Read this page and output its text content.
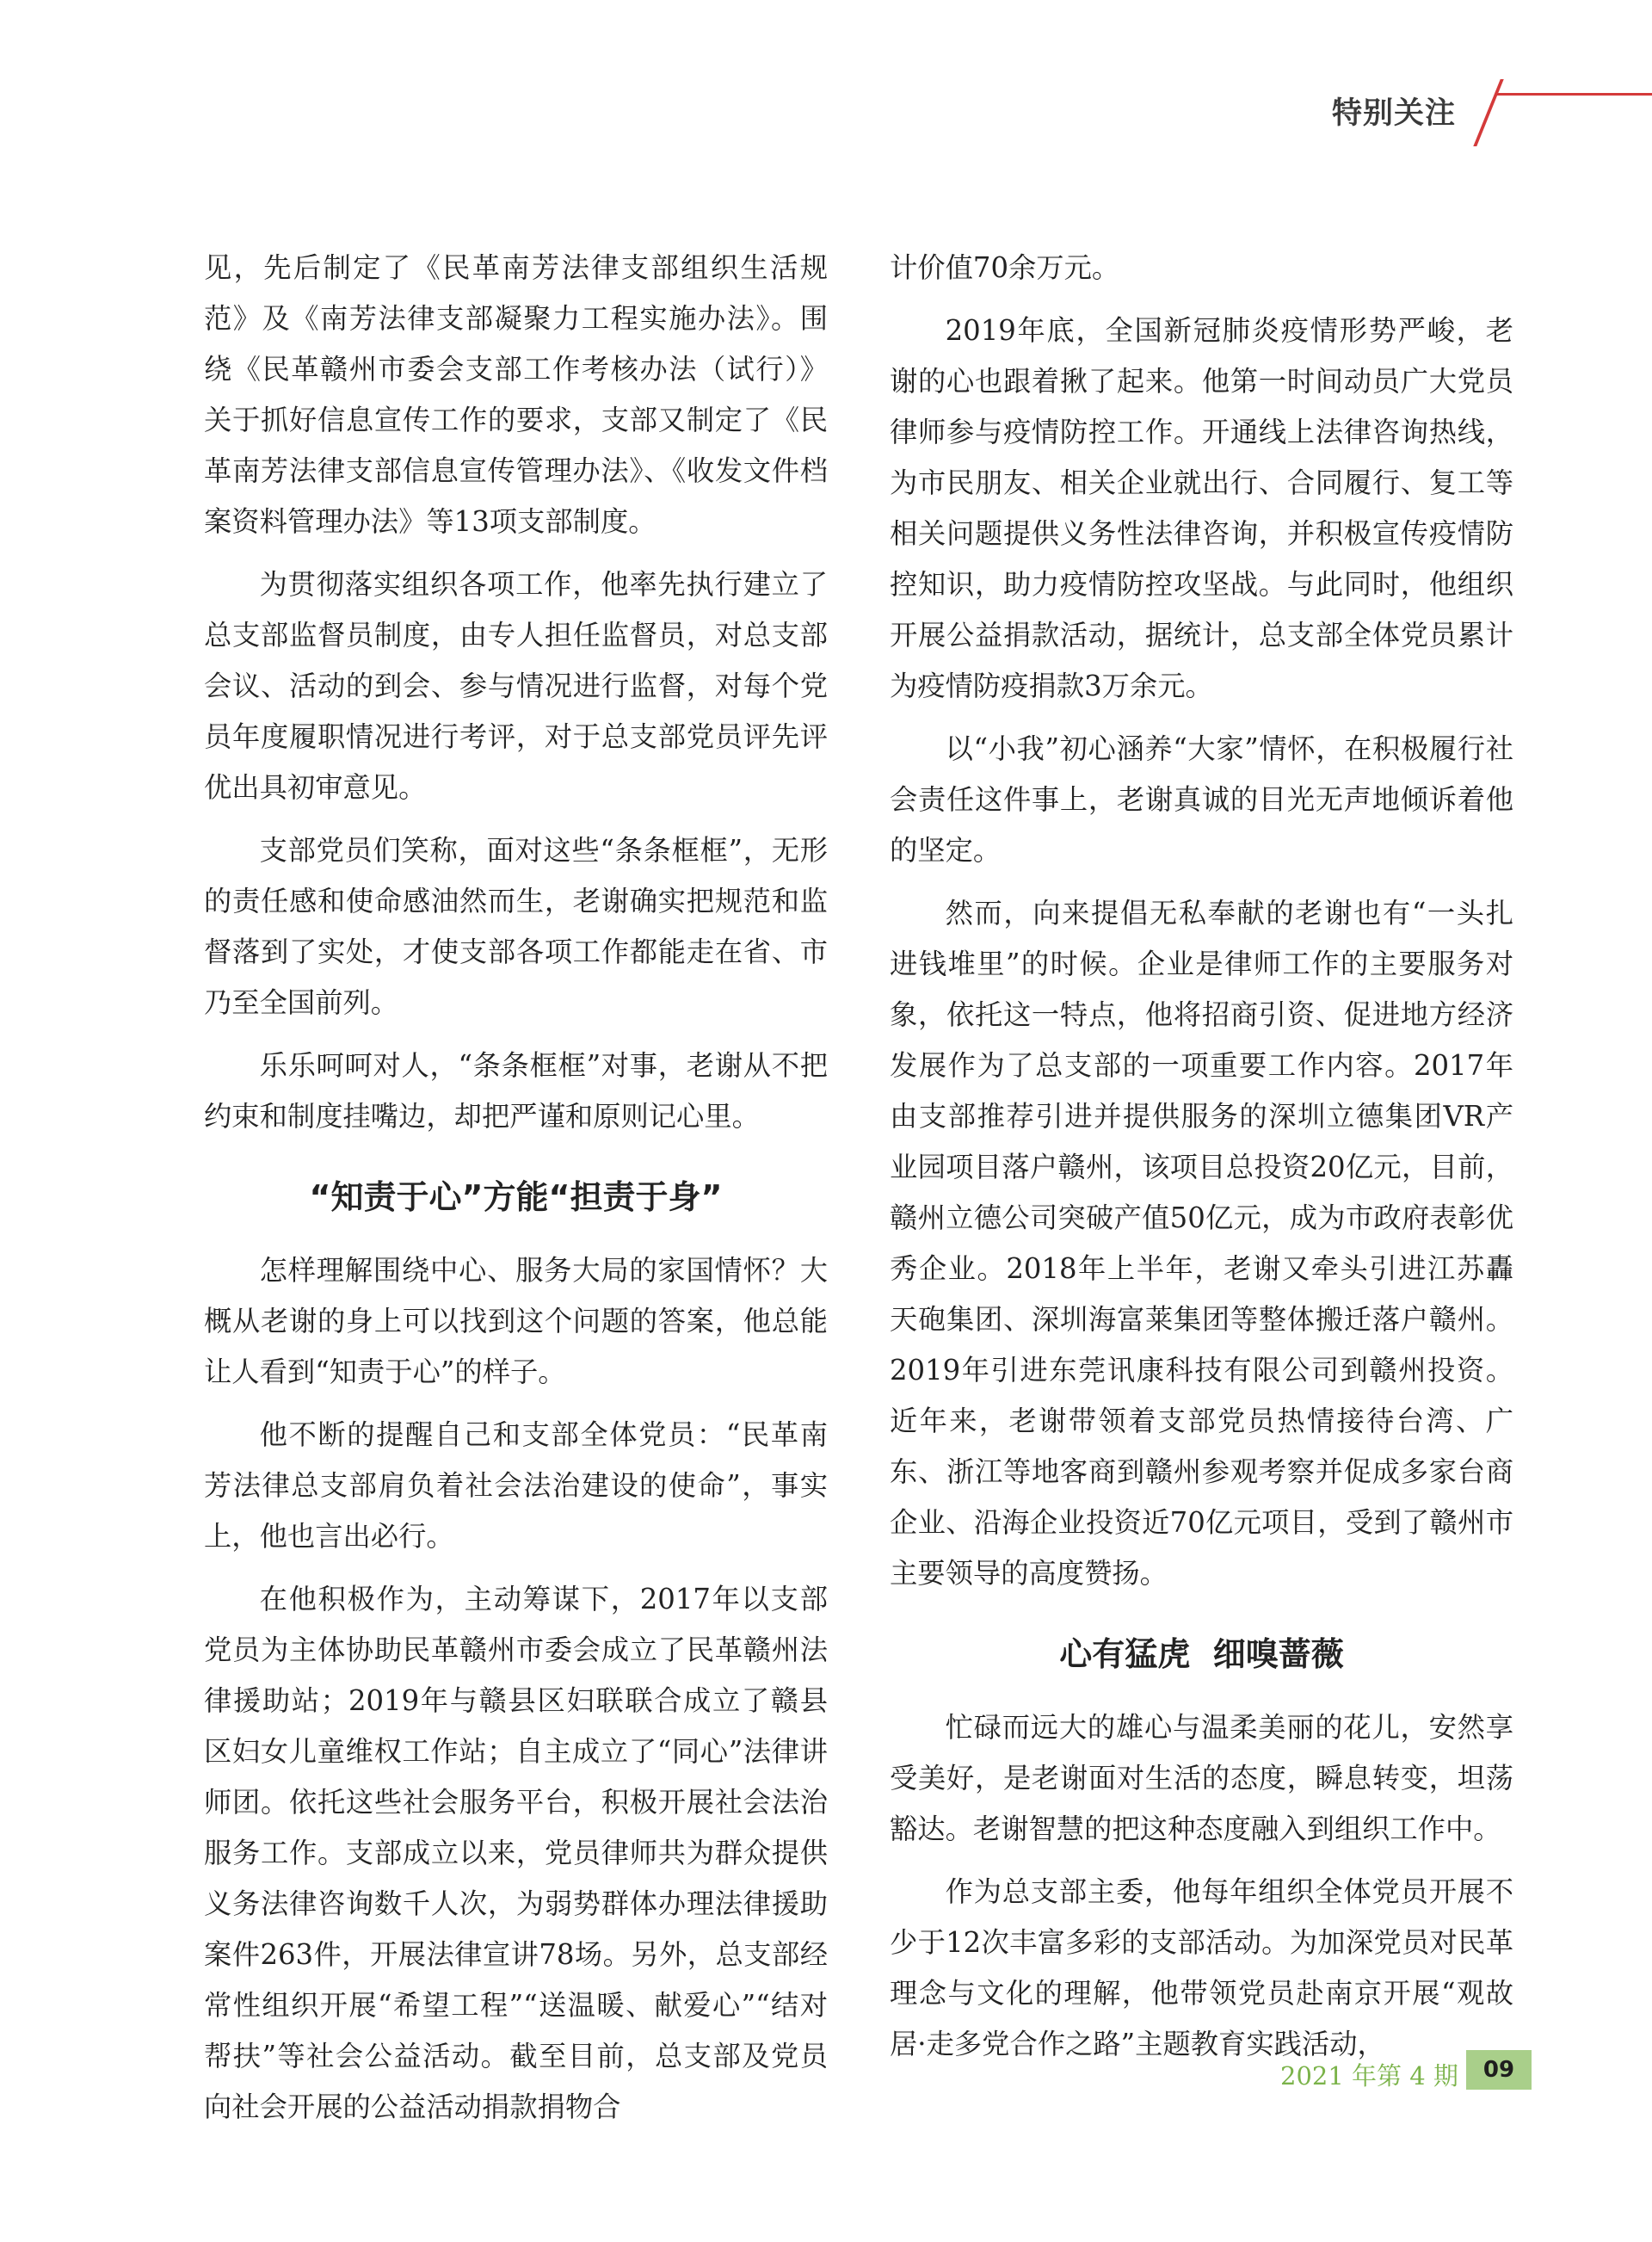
特别关注

见，先后制定了《民革南芳法律支部组织生活规范》及《南芳法律支部凝聚力工程实施办法》。围绕《民革赣州市委会支部工作考核办法（试行）》关于抓好信息宣传工作的要求，支部又制定了《民革南芳法律支部信息宣传管理办法》、《收发文件档案资料管理办法》等13项支部制度。

为贯彻落实组织各项工作，他率先执行建立了总支部监督员制度，由专人担任监督员，对总支部会议、活动的到会、参与情况进行监督，对每个党员年度履职情况进行考评，对于总支部党员评先评优出具初审意见。

支部党员们笑称，面对这些“条条框框”，无形的责任感和使命感油然而生，老谢确实把规范和监督落到了实处，才使支部各项工作都能走在省、市乃至全国前列。

乐乐呵呵对人，“条条框框”对事，老谢从不把约束和制度挂嘴边，却把严谨和原则记心里。

“知责于心”方能“担责于身”

怎样理解围绕中心、服务大局的家国情怀？大概从老谢的身上可以找到这个问题的答案，他总能让人看到“知责于心”的样子。

他不断的提醒自己和支部全体党员：“民革南芳法律总支部肩负着社会法治建设的使命”，事实上，他也言出必行。

在他积极作为，主动筹谋下，2017年以支部党员为主体协助民革赣州市委会成立了民革赣州法律援助站；2019年与赣县区妇联联合成立了赣县区妇女儿童维权工作站；自主成立了“同心”法律讲师团。依托这些社会服务平台，积极开展社会法治服务工作。支部成立以来，党员律师共为群众提供义务法律咨询数千人次，为弱势群体办理法律援助案件263件，开展法律宣讲78场。另外，总支部经常性组织开展“希望工程”“送温暖、献爱心”“结对帮扶”等社会公益活动。截至目前，总支部及党员向社会开展的公益活动捐款捐物合

计价值70余万元。

2019年底，全国新冠肺炎疫情形势严峻，老谢的心也跟着揪了起来。他第一时间动员广大党员律师参与疫情防控工作。开通线上法律咨询热线，为市民朋友、相关企业就出行、合同履行、复工等相关问题提供义务性法律咨询，并积极宣传疫情防控知识，助力疫情防控攻坚战。与此同时，他组织开展公益捐款活动，据统计，总支部全体党员累计为疫情防疫捐款3万余元。

以“小我”初心涵养“大家”情怀，在积极履行社会责任这件事上，老谢真诚的目光无声地倾诉着他的坚定。

然而，向来提倡无私奉献的老谢也有“一头扎进钱堆里”的时候。企业是律师工作的主要服务对象，依托这一特点，他将招商引资、促进地方经济发展作为了总支部的一项重要工作内容。2017年由支部推荐引进并提供服务的深圳立德集团VR产业园项目落户赣州，该项目总投资20亿元，目前，赣州立德公司突破产值50亿元，成为市政府表彰优秀企业。2018年上半年，老谢又牵头引进江苏轟天砲集团、深圳海富莱集团等整体搬迁落户赣州。2019年引进东莞讯康科技有限公司到赣州投资。近年来，老谢带领着支部党员热情接待台湾、广东、浙江等地客商到赣州参观考察并促成多家台商企业、沿海企业投资近70亿元项目，受到了赣州市主要领导的高度赞扬。

心有猛虎  细嗅蔷薇

忙碌而远大的雄心与温柔美丽的花儿，安然享受美好，是老谢面对生活的态度，瞬息转变，坦荡豁达。老谢智慧的把这种态度融入到组织工作中。

作为总支部主委，他每年组织全体党员开展不少于12次丰富多彩的支部活动。为加深党员对民革理念与文化的理解，他带领党员赴南京开展“观故居·走多党合作之路”主题教育实践活动，

2021 年第 4 期	09
